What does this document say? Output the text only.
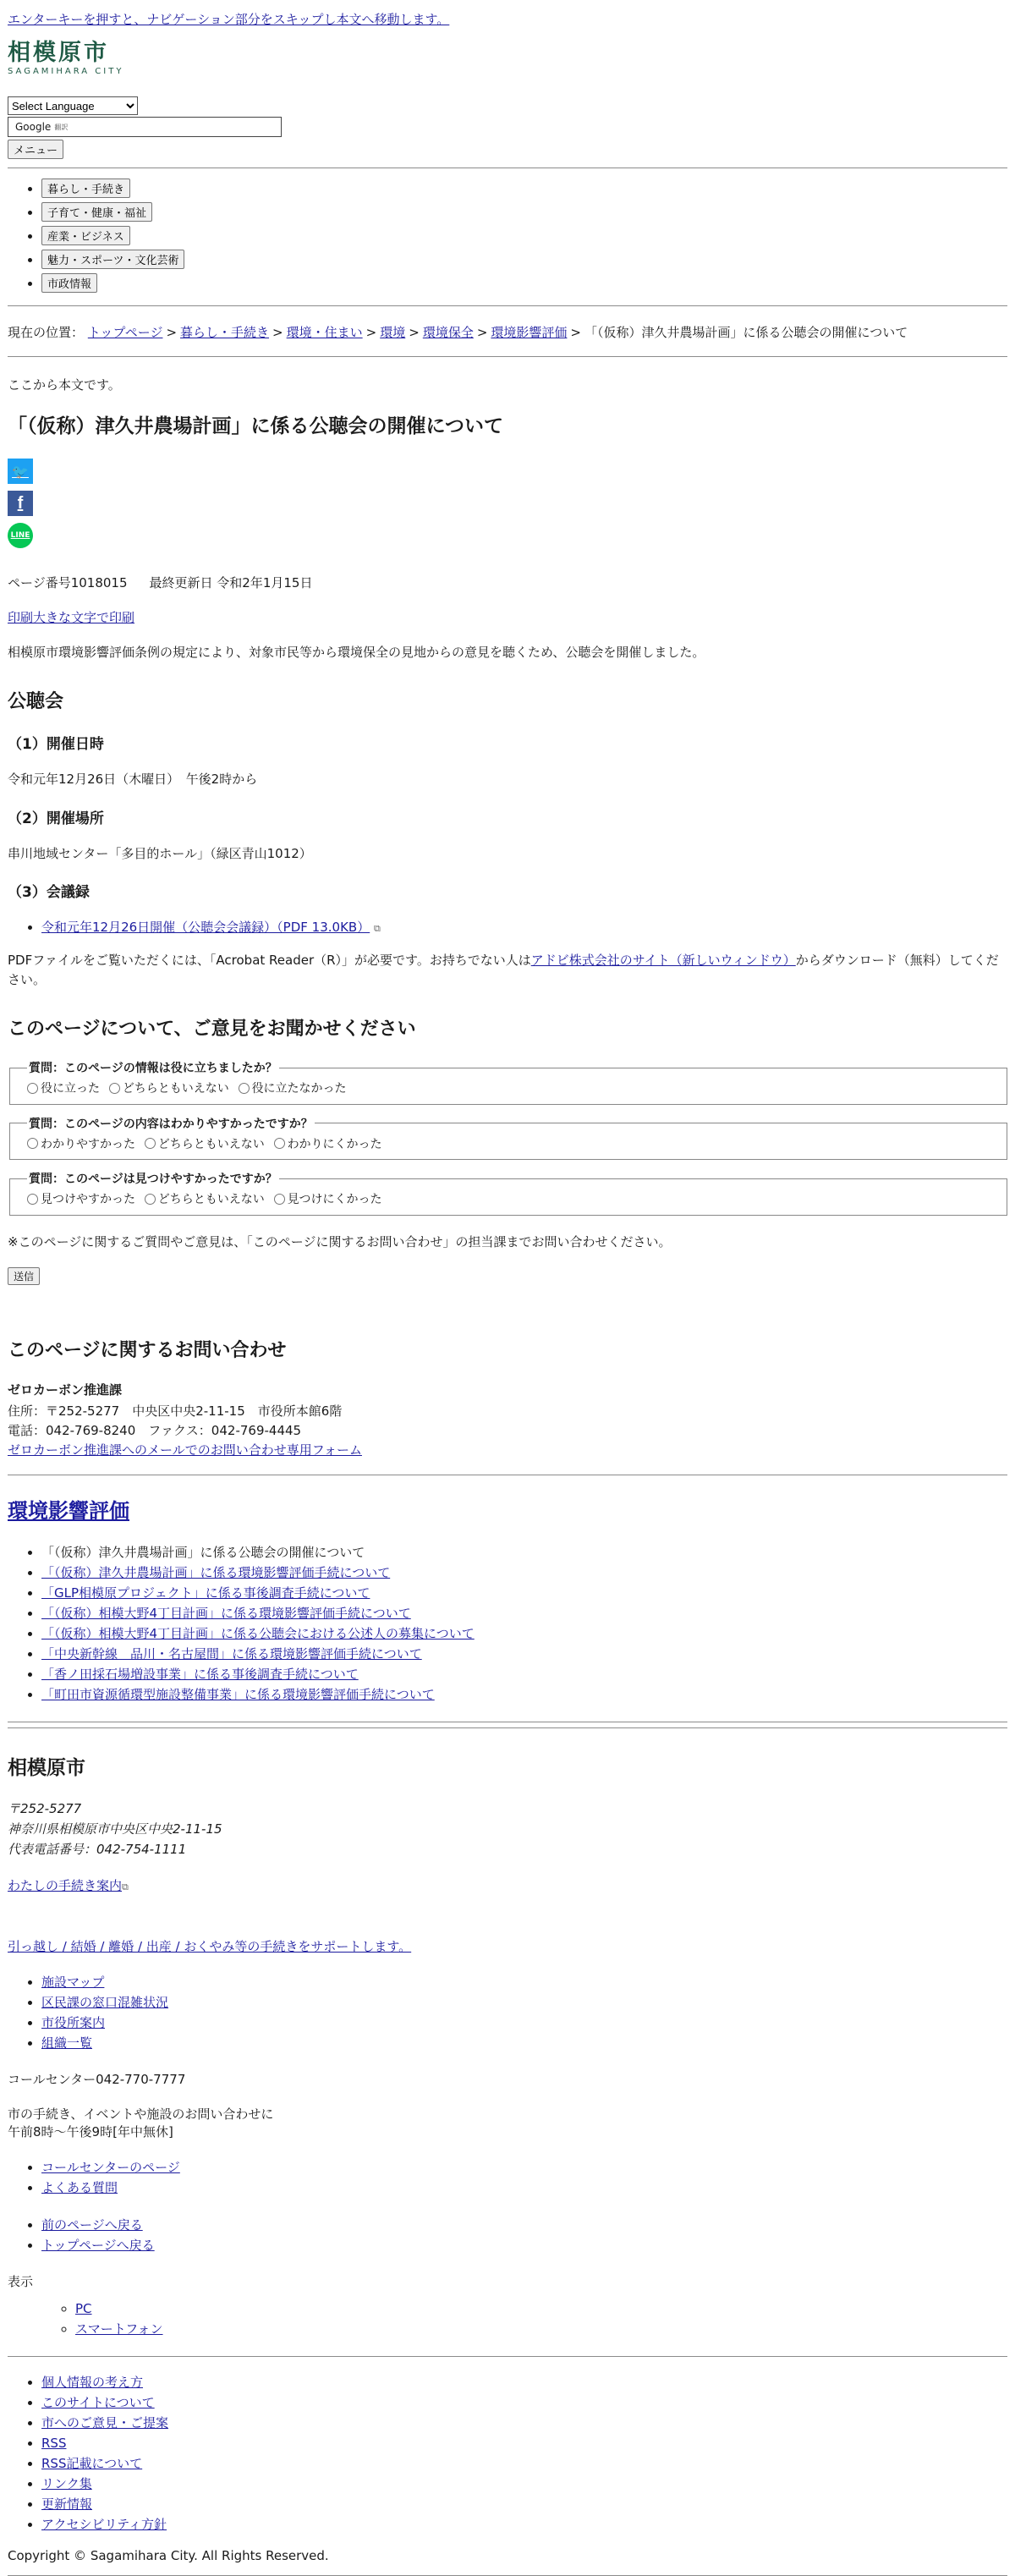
エンターキーを押すと、ナビゲーション部分をスキップし本文へ移動します。
相模原市
SAGAMIHARA CITY
Select Language
Google 翻訳
メニュー
• 暮らし・手続き
• 子育て・健康・福祉
• 産業・ビジネス
• 魅力・スポーツ・文化芸術
• 市政情報
現在の位置： トップページ > 暮らし・手続き > 環境・住まい > 環境 > 環境保全 > 環境影響評価 > 「（仮称）津久井農場計画」に係る公聴会の開催について
ここから本文です。
「（仮称）津久井農場計画」に係る公聴会の開催について
🐦
f
LINE
ページ番号1018015 最終更新日 令和2年1月15日

印刷大きな文字で印刷

相模原市環境影響評価条例の規定により、対象市民等から環境保全の見地からの意見を聴くため、公聴会を開催しました。

公聴会
（1）開催日時

令和元年12月26日（木曜日）　午後2時から

（2）開催場所

串川地域センター「多目的ホール」（緑区青山1012）

（3）会議録
• 令和元年12月26日開催（公聴会会議録）（PDF 13.0KB） ⧉

PDFファイルをご覧いただくには、「Acrobat Reader（R）」が必要です。お持ちでない人はアドビ株式会社のサイト（新しいウィンドウ）からダウンロード（無料）してください。

このページについて、ご意見をお聞かせください
質問：このページの情報は役に立ちましたか？
役に立った
どちらともいえない
役に立たなかった
質問：このページの内容はわかりやすかったですか？
わかりやすかった
どちらともいえない
わかりにくかった
質問：このページは見つけやすかったですか？
見つけやすかった
どちらともいえない
見つけにくかった
※このページに関するご質問やご意見は、「このページに関するお問い合わせ」の担当課までお問い合わせください。
送信
このページに関するお問い合わせ
ゼロカーボン推進課
住所：〒252-5277　中央区中央2-11-15　市役所本館6階
電話：042-769-8240　ファクス：042-769-4445
ゼロカーボン推進課へのメールでのお問い合わせ専用フォーム
環境影響評価
• 「（仮称）津久井農場計画」に係る公聴会の開催について
• 「（仮称）津久井農場計画」に係る環境影響評価手続について
• 「GLP相模原プロジェクト」に係る事後調査手続について
• 「（仮称）相模大野4丁目計画」に係る環境影響評価手続について
• 「（仮称）相模大野4丁目計画」に係る公聴会における公述人の募集について
• 「中央新幹線　品川・名古屋間」に係る環境影響評価手続について
• 「香ノ田採石場増設事業」に係る事後調査手続について
• 「町田市資源循環型施設整備事業」に係る環境影響評価手続について
相模原市
〒252-5277
神奈川県相模原市中央区中央2-11-15
代表電話番号：042-754-1111

わたしの手続き案内⧉

引っ越し / 結婚 / 離婚 / 出産 / おくやみ等の手続きをサポートします。

• 施設マップ
• 区民課の窓口混雑状況
• 市役所案内
• 組織一覧
コールセンター042-770-7777
市の手続き、イベントや施設のお問い合わせに
午前8時～午後9時[年中無休]
• コールセンターのページ
• よくある質問
• 前のページへ戻る
• トップページへ戻る
表示
◦ PC
◦ スマートフォン
• 個人情報の考え方
• このサイトについて
• 市へのご意見・ご提案
• RSS
• RSS記載について
• リンク集
• 更新情報
• アクセシビリティ方針
Copyright © Sagamihara City. All Rights Reserved.
